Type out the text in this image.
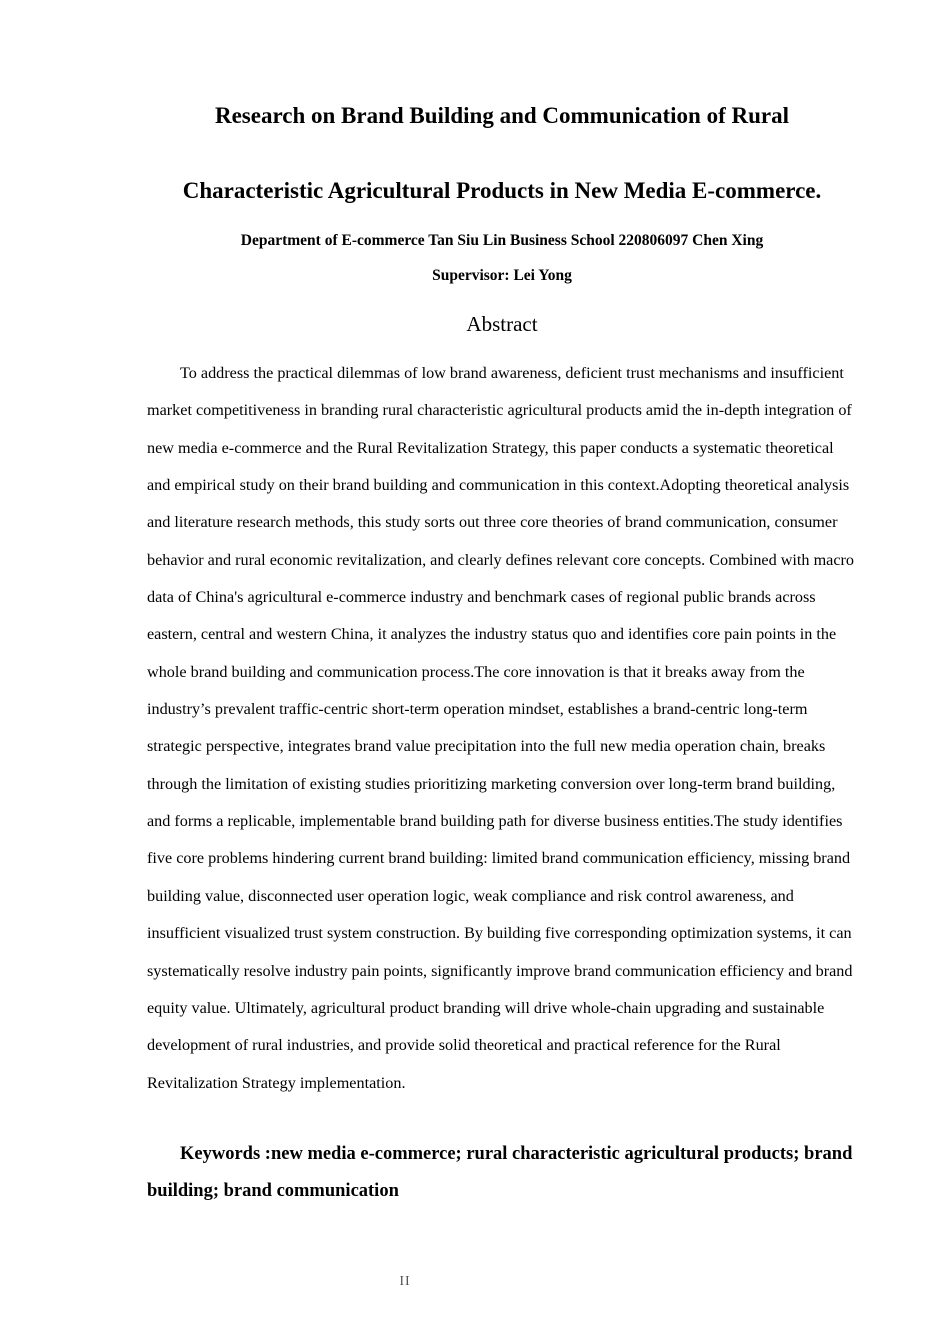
Research on Brand Building and Communication of Rural
Characteristic Agricultural Products in New Media E-commerce.
Department of E-commerce Tan Siu Lin Business School 220806097 Chen Xing
Supervisor: Lei Yong
Abstract

To address the practical dilemmas of low brand awareness, deficient trust mechanisms and insufficient market competitiveness in branding rural characteristic agricultural products amid the in-depth integration of new media e-commerce and the Rural Revitalization Strategy, this paper conducts a systematic theoretical and empirical study on their brand building and communication in this context.Adopting theoretical analysis and literature research methods, this study sorts out three core theories of brand communication, consumer behavior and rural economic revitalization, and clearly defines relevant core concepts. Combined with macro data of China's agricultural e-commerce industry and benchmark cases of regional public brands across eastern, central and western China, it analyzes the industry status quo and identifies core pain points in the whole brand building and communication process.The core innovation is that it breaks away from the industry’s prevalent traffic-centric short-term operation mindset, establishes a brand-centric long-term strategic perspective, integrates brand value precipitation into the full new media operation chain, breaks through the limitation of existing studies prioritizing marketing conversion over long-term brand building, and forms a replicable, implementable brand building path for diverse business entities.The study identifies five core problems hindering current brand building: limited brand communication efficiency, missing brand building value, disconnected user operation logic, weak compliance and risk control awareness, and insufficient visualized trust system construction. By building five corresponding optimization systems, it can systematically resolve industry pain points, significantly improve brand communication efficiency and brand equity value. Ultimately, agricultural product branding will drive whole-chain upgrading and sustainable development of rural industries, and provide solid theoretical and practical reference for the Rural Revitalization Strategy implementation.

Keywords :new media e-commerce; rural characteristic agricultural products; brand building; brand communication

II
